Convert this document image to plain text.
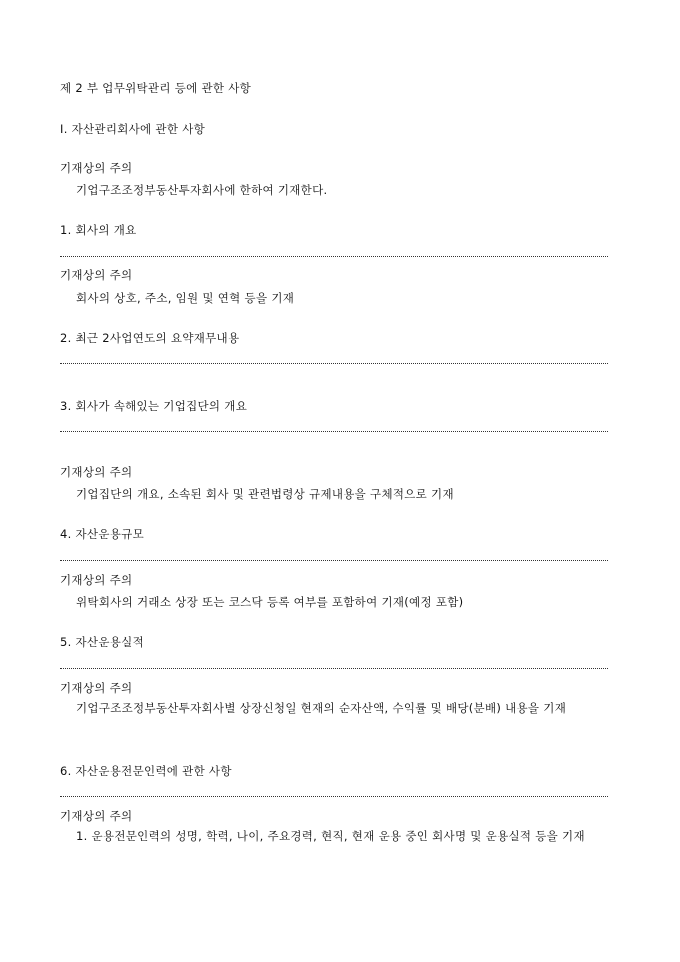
제 2 부 업무위탁관리 등에 관한 사항
Ⅰ. 자산관리회사에 관한 사항
기재상의 주의
기업구조조정부동산투자회사에 한하여 기재한다.
1. 회사의 개요
기재상의 주의
회사의 상호, 주소, 임원 및 연혁 등을 기재
2. 최근 2사업연도의 요약재무내용
3. 회사가 속해있는 기업집단의 개요
기재상의 주의
기업집단의 개요, 소속된 회사 및 관련법령상 규제내용을 구체적으로 기재
4. 자산운용규모
기재상의 주의
위탁회사의 거래소 상장 또는 코스닥 등록 여부를 포함하여 기재(예정 포함)
5. 자산운용실적
기재상의 주의
기업구조조정부동산투자회사별 상장신청일 현재의 순자산액, 수익률 및 배당(분배) 내용을 기재
6. 자산운용전문인력에 관한 사항
기재상의 주의
1. 운용전문인력의 성명, 학력, 나이, 주요경력, 현직, 현재 운용 중인 회사명 및 운용실적 등을 기재
